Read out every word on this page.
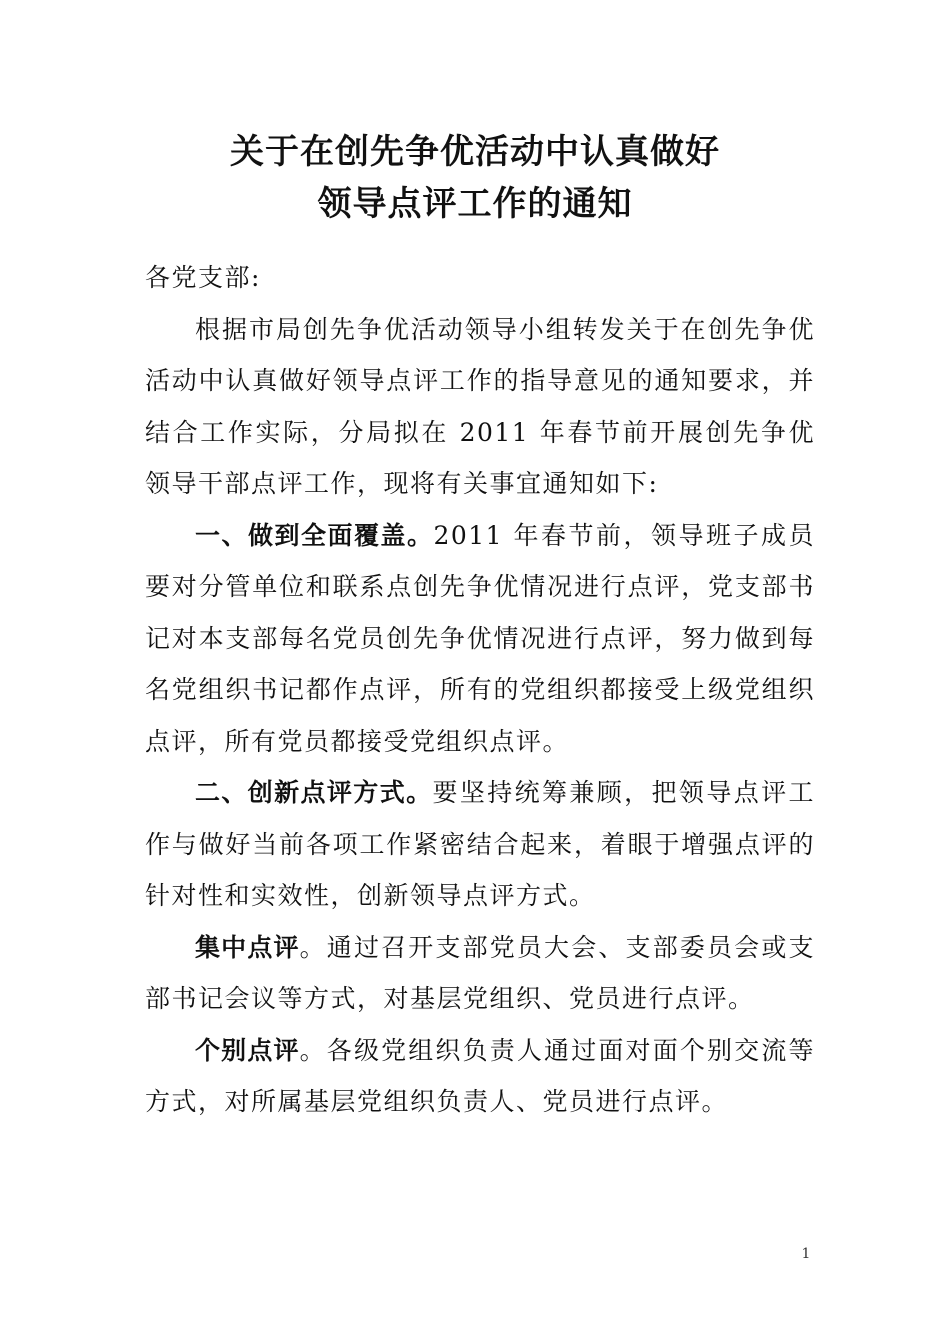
关于在创先争优活动中认真做好
领导点评工作的通知

各党支部:

根据市局创先争优活动领导小组转发关于在创先争优活动中认真做好领导点评工作的指导意见的通知要求，并结合工作实际，分局拟在 2011 年春节前开展创先争优领导干部点评工作，现将有关事宜通知如下:

一、做到全面覆盖。2011 年春节前，领导班子成员要对分管单位和联系点创先争优情况进行点评，党支部书记对本支部每名党员创先争优情况进行点评，努力做到每名党组织书记都作点评，所有的党组织都接受上级党组织点评，所有党员都接受党组织点评。

二、创新点评方式。要坚持统筹兼顾，把领导点评工作与做好当前各项工作紧密结合起来，着眼于增强点评的针对性和实效性，创新领导点评方式。

集中点评。通过召开支部党员大会、支部委员会或支部书记会议等方式，对基层党组织、党员进行点评。

个别点评。各级党组织负责人通过面对面个别交流等方式，对所属基层党组织负责人、党员进行点评。

1
